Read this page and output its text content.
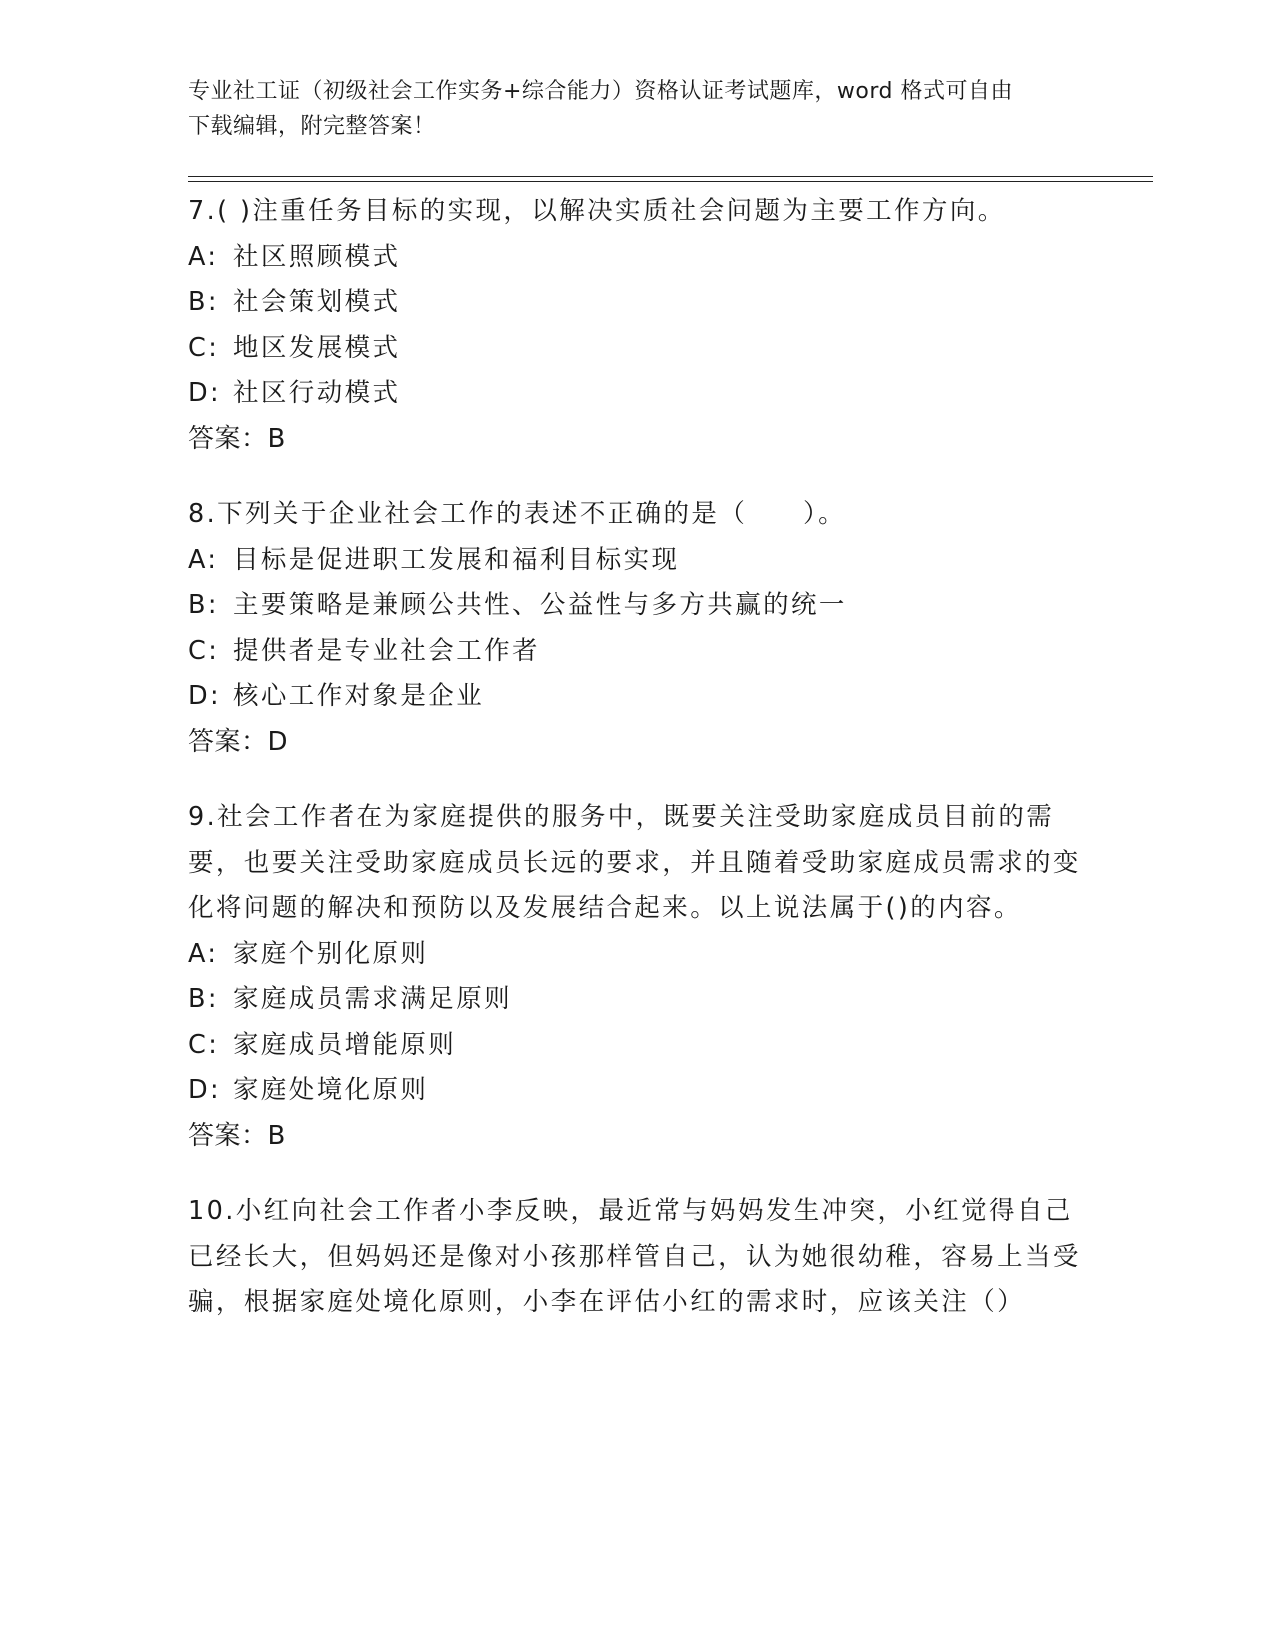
专业社工证（初级社会工作实务+综合能力）资格认证考试题库，word 格式可自由
下载编辑，附完整答案！

7.( )注重任务目标的实现，以解决实质社会问题为主要工作方向。

A: 社区照顾模式

B: 社会策划模式

C: 地区发展模式

D: 社区行动模式

答案：B

8.下列关于企业社会工作的表述不正确的是（　　）。

A: 目标是促进职工发展和福利目标实现

B: 主要策略是兼顾公共性、公益性与多方共赢的统一

C: 提供者是专业社会工作者

D: 核心工作对象是企业

答案：D

9.社会工作者在为家庭提供的服务中，既要关注受助家庭成员目前的需要，也要关注受助家庭成员长远的要求，并且随着受助家庭成员需求的变化将问题的解决和预防以及发展结合起来。以上说法属于()的内容。

A: 家庭个别化原则

B: 家庭成员需求满足原则

C: 家庭成员增能原则

D: 家庭处境化原则

答案：B

10.小红向社会工作者小李反映，最近常与妈妈发生冲突，小红觉得自己已经长大，但妈妈还是像对小孩那样管自己，认为她很幼稚，容易上当受骗，根据家庭处境化原则，小李在评估小红的需求时，应该关注（）
